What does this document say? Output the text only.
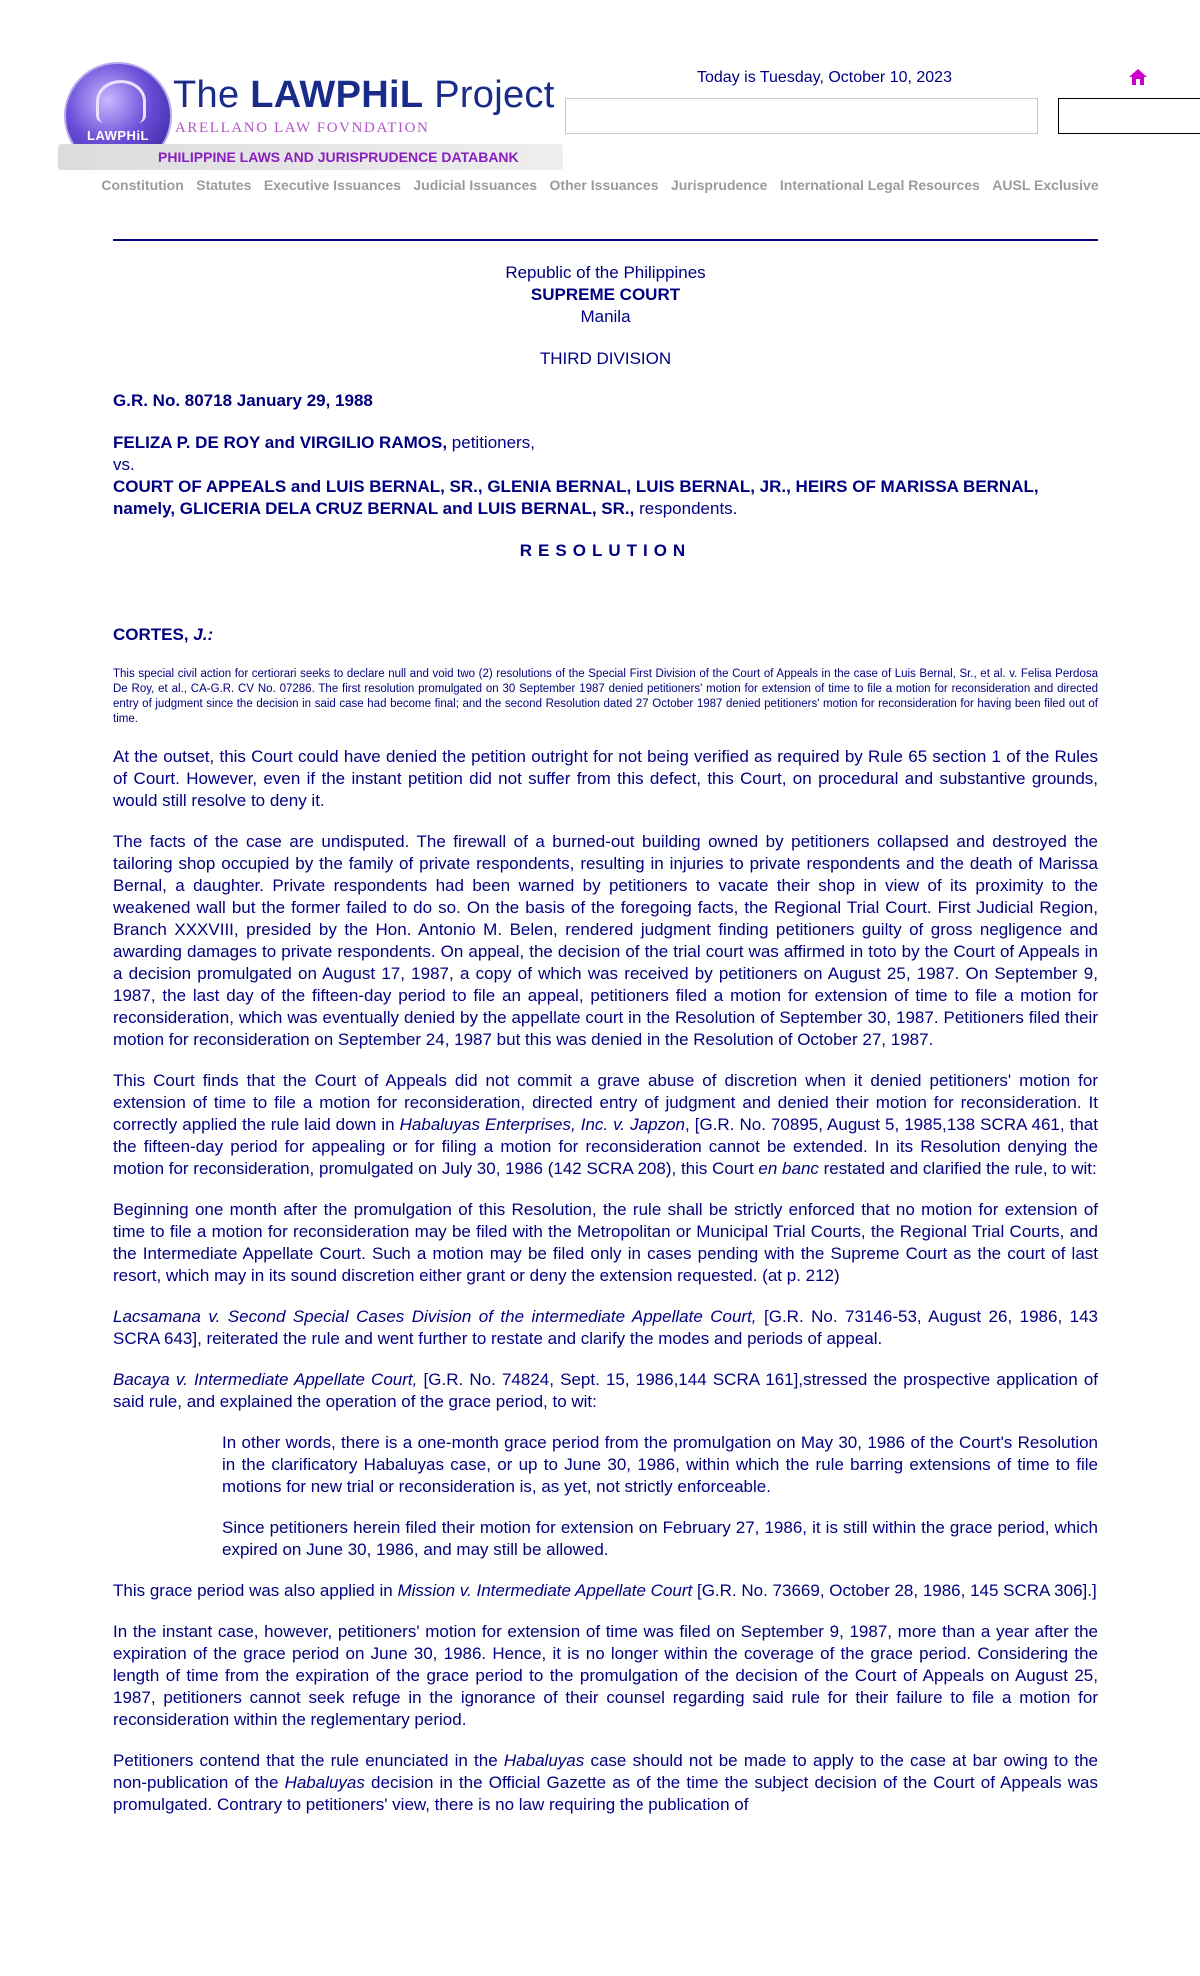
LAWPHiL
The LAWPHiL Project
ARELLANO LAW FOVNDATION
PHILIPPINE LAWS AND JURISPRUDENCE DATABANK
Today is Tuesday, October 10, 2023
Constitution Statutes Executive Issuances Judicial Issuances Other Issuances Jurisprudence International Legal Resources AUSL Exclusive
Republic of the Philippines
SUPREME COURT
Manila
THIRD DIVISION
G.R. No. 80718 January 29, 1988
FELIZA P. DE ROY and VIRGILIO RAMOS, petitioners,
vs.
COURT OF APPEALS and LUIS BERNAL, SR., GLENIA BERNAL, LUIS BERNAL, JR., HEIRS OF MARISSA BERNAL, namely, GLICERIA DELA CRUZ BERNAL and LUIS BERNAL, SR., respondents.
RESOLUTION
CORTES, J.:

This special civil action for certiorari seeks to declare null and void two (2) resolutions of the Special First Division of the Court of Appeals in the case of Luis Bernal, Sr., et al. v. Felisa Perdosa De Roy, et al., CA-G.R. CV No. 07286. The first resolution promulgated on 30 September 1987 denied petitioners' motion for extension of time to file a motion for reconsideration and directed entry of judgment since the decision in said case had become final; and the second Resolution dated 27 October 1987 denied petitioners' motion for reconsideration for having been filed out of time.

At the outset, this Court could have denied the petition outright for not being verified as required by Rule 65 section 1 of the Rules of Court. However, even if the instant petition did not suffer from this defect, this Court, on procedural and substantive grounds, would still resolve to deny it.

The facts of the case are undisputed. The firewall of a burned-out building owned by petitioners collapsed and destroyed the tailoring shop occupied by the family of private respondents, resulting in injuries to private respondents and the death of Marissa Bernal, a daughter. Private respondents had been warned by petitioners to vacate their shop in view of its proximity to the weakened wall but the former failed to do so. On the basis of the foregoing facts, the Regional Trial Court. First Judicial Region, Branch XXXVIII, presided by the Hon. Antonio M. Belen, rendered judgment finding petitioners guilty of gross negligence and awarding damages to private respondents. On appeal, the decision of the trial court was affirmed in toto by the Court of Appeals in a decision promulgated on August 17, 1987, a copy of which was received by petitioners on August 25, 1987. On September 9, 1987, the last day of the fifteen-day period to file an appeal, petitioners filed a motion for extension of time to file a motion for reconsideration, which was eventually denied by the appellate court in the Resolution of September 30, 1987. Petitioners filed their motion for reconsideration on September 24, 1987 but this was denied in the Resolution of October 27, 1987.

This Court finds that the Court of Appeals did not commit a grave abuse of discretion when it denied petitioners' motion for extension of time to file a motion for reconsideration, directed entry of judgment and denied their motion for reconsideration. It correctly applied the rule laid down in Habaluyas Enterprises, Inc. v. Japzon, [G.R. No. 70895, August 5, 1985,138 SCRA 461, that the fifteen-day period for appealing or for filing a motion for reconsideration cannot be extended. In its Resolution denying the motion for reconsideration, promulgated on July 30, 1986 (142 SCRA 208), this Court en banc restated and clarified the rule, to wit:

Beginning one month after the promulgation of this Resolution, the rule shall be strictly enforced that no motion for extension of time to file a motion for reconsideration may be filed with the Metropolitan or Municipal Trial Courts, the Regional Trial Courts, and the Intermediate Appellate Court. Such a motion may be filed only in cases pending with the Supreme Court as the court of last resort, which may in its sound discretion either grant or deny the extension requested. (at p. 212)

Lacsamana v. Second Special Cases Division of the intermediate Appellate Court, [G.R. No. 73146-53, August 26, 1986, 143 SCRA 643], reiterated the rule and went further to restate and clarify the modes and periods of appeal.

Bacaya v. Intermediate Appellate Court, [G.R. No. 74824, Sept. 15, 1986,144 SCRA 161],stressed the prospective application of said rule, and explained the operation of the grace period, to wit:

In other words, there is a one-month grace period from the promulgation on May 30, 1986 of the Court's Resolution in the clarificatory Habaluyas case, or up to June 30, 1986, within which the rule barring extensions of time to file motions for new trial or reconsideration is, as yet, not strictly enforceable.

Since petitioners herein filed their motion for extension on February 27, 1986, it is still within the grace period, which expired on June 30, 1986, and may still be allowed.

This grace period was also applied in Mission v. Intermediate Appellate Court [G.R. No. 73669, October 28, 1986, 145 SCRA 306].]

In the instant case, however, petitioners' motion for extension of time was filed on September 9, 1987, more than a year after the expiration of the grace period on June 30, 1986. Hence, it is no longer within the coverage of the grace period. Considering the length of time from the expiration of the grace period to the promulgation of the decision of the Court of Appeals on August 25, 1987, petitioners cannot seek refuge in the ignorance of their counsel regarding said rule for their failure to file a motion for reconsideration within the reglementary period.

Petitioners contend that the rule enunciated in the Habaluyas case should not be made to apply to the case at bar owing to the non-publication of the Habaluyas decision in the Official Gazette as of the time the subject decision of the Court of Appeals was promulgated. Contrary to petitioners' view, there is no law requiring the publication of
